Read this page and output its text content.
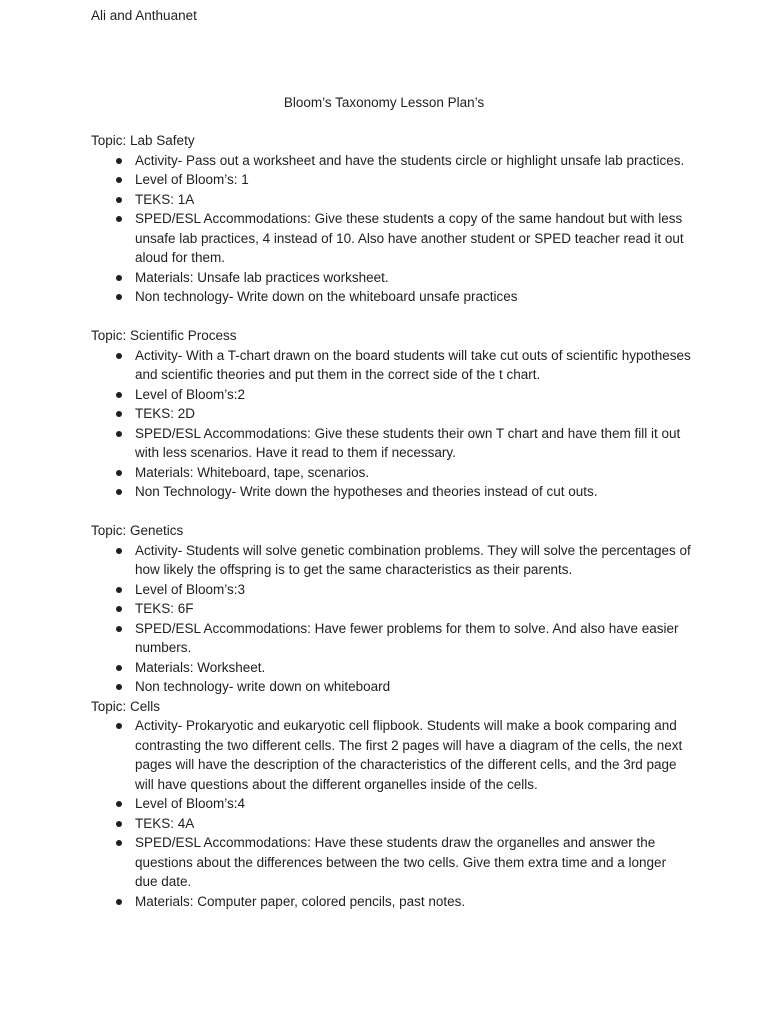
Ali and Anthuanet
Bloom’s Taxonomy Lesson Plan’s
Topic: Lab Safety
Activity- Pass out a worksheet and have the students circle or highlight unsafe lab practices.
Level of Bloom’s: 1
TEKS: 1A
SPED/ESL Accommodations: Give these students a copy of the same handout but with less unsafe lab practices, 4 instead of 10. Also have another student or SPED teacher read it out aloud for them.
Materials: Unsafe lab practices worksheet.
Non technology- Write down on the whiteboard unsafe practices
Topic: Scientific Process
Activity- With a T-chart drawn on the board students will take cut outs of scientific hypotheses and scientific theories and put them in the correct side of the t chart.
Level of Bloom’s:2
TEKS: 2D
SPED/ESL Accommodations: Give these students their own T chart and have them fill it out with less scenarios. Have it read to them if necessary.
Materials: Whiteboard, tape, scenarios.
Non Technology- Write down the hypotheses and theories instead of cut outs.
Topic: Genetics
Activity- Students will solve genetic combination problems. They will solve the percentages of how likely the offspring is to get the same characteristics as their parents.
Level of Bloom’s:3
TEKS: 6F
SPED/ESL Accommodations: Have fewer problems for them to solve. And also have easier numbers.
Materials: Worksheet.
Non technology- write down on whiteboard
Topic: Cells
Activity- Prokaryotic and eukaryotic cell flipbook. Students will make a book comparing and contrasting the two different cells. The first 2 pages will have a diagram of the cells, the next pages will have the description of the characteristics of the different cells, and the 3rd page will have questions about the different organelles inside of the cells.
Level of Bloom’s:4
TEKS: 4A
SPED/ESL Accommodations: Have these students draw the organelles and answer the questions about the differences between the two cells. Give them extra time and a longer due date.
Materials: Computer paper, colored pencils, past notes.
